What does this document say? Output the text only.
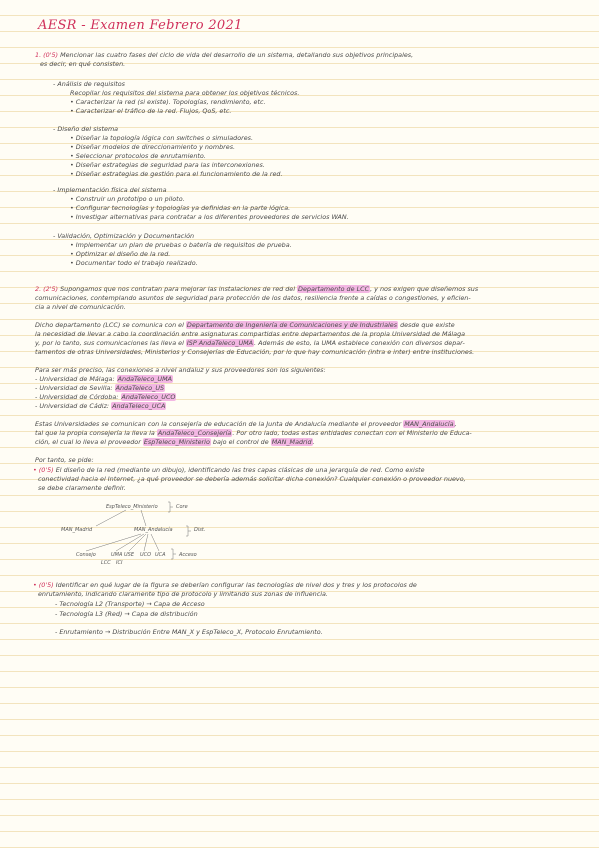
AESR - Examen Febrero 2021
1. (0'5) Mencionar las cuatro fases del ciclo de vida del desarrollo de un sistema, detallando sus objetivos principales,
es decir, en qué consisten.
- Análisis de requisitos
Recopilar los requisitos del sistema para obtener los objetivos técnicos.
• Caracterizar la red (si existe). Topologías, rendimiento, etc.
• Caracterizar el tráfico de la red. Flujos, QoS, etc.
- Diseño del sistema
• Diseñar la topología lógica con switches o simuladores.
• Diseñar modelos de direccionamiento y nombres.
• Seleccionar protocolos de enrutamiento.
• Diseñar estrategias de seguridad para las interconexiones.
• Diseñar estrategias de gestión para el funcionamiento de la red.
- Implementación física del sistema
• Construir un prototipo o un piloto.
• Configurar tecnologías y topologías ya definidas en la parte lógica.
• Investigar alternativas para contratar a los diferentes proveedores de servicios WAN.
- Validación, Optimización y Documentación
• Implementar un plan de pruebas o batería de requisitos de prueba.
• Optimizar el diseño de la red.
• Documentar todo el trabajo realizado.
2. (2'5) Supongamos que nos contratan para mejorar las instalaciones de red del Departamento de LCC, y nos exigen que diseñemos sus
comunicaciones, contemplando asuntos de seguridad para protección de los datos, resiliencia frente a caídas o congestiones, y eficien-
cia a nivel de comunicación.
Dicho departamento (LCC) se comunica con el Departamento de Ingeniería de Comunicaciones y de Industriales desde que existe
la necesidad de llevar a cabo la coordinación entre asignaturas compartidas entre departamentos de la propia Universidad de Málaga
y, por lo tanto, sus comunicaciones las lleva el ISP AndaTeleco_UMA. Además de esto, la UMA establece conexión con diversos depar-
tamentos de otras Universidades, Ministerios y Consejerías de Educación, por lo que hay comunicación (intra e inter) entre instituciones.
Para ser más preciso, las conexiones a nivel andaluz y sus proveedores son los siguientes:
- Universidad de Málaga: AndaTeleco_UMA
- Universidad de Sevilla: AndaTeleco_US
- Universidad de Córdoba: AndaTeleco_UCO
- Universidad de Cádiz: AndaTeleco_UCA
Estas Universidades se comunican con la consejería de educación de la Junta de Andalucía mediante el proveedor MAN_Andalucía,
tal que la propia consejería la lleva la AndaTeleco_Consejería. Por otro lado, todas estas entidades conectan con el Ministerio de Educa-
ción, el cual lo lleva el proveedor EspTeleco_Ministerio bajo el control de MAN_Madrid.
Por tanto, se pide:
• (0'5) El diseño de la red (mediante un dibujo), identificando las tres capas clásicas de una jerarquía de red. Como existe
conectividad hacia el Internet, ¿a qué proveedor se debería además solicitar dicha conexión? Cualquier conexión o proveedor nuevo,
se debe claramente definir.
EspTeleco_Ministerio	Core
MAN_Madrid	MAN_Andalucía	Dist.
Consejo	UMA USE UCO UCA	Acceso
LCC ICI
• (0'5) Identificar en qué lugar de la figura se deberían configurar las tecnologías de nivel dos y tres y los protocolos de
enrutamiento, indicando claramente tipo de protocolo y limitando sus zonas de influencia.
- Tecnología L2 (Transporte) → Capa de Acceso
- Tecnología L3 (Red) → Capa de distribución
- Enrutamiento → Distribución Entre MAN_X y EspTeleco_X, Protocolo Enrutamiento.
